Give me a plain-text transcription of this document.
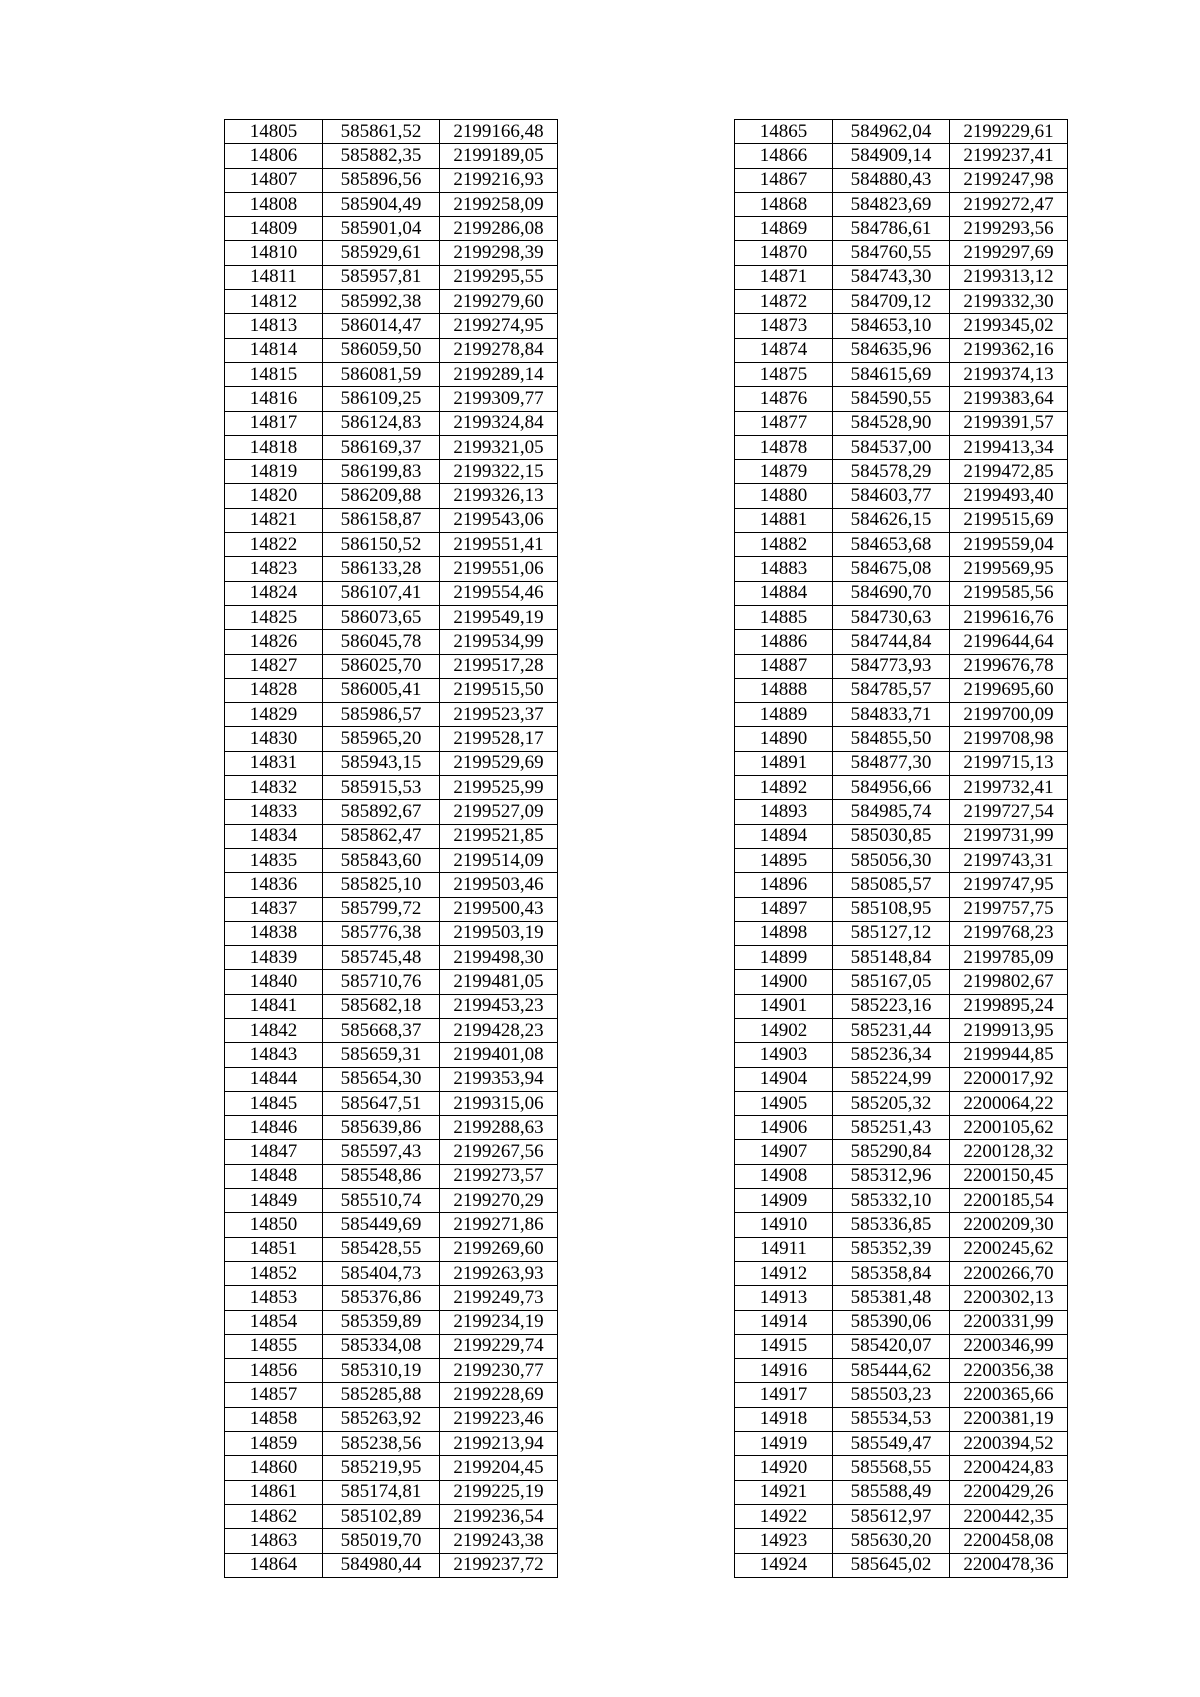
14805	585861,52	2199166,48
14806	585882,35	2199189,05
14807	585896,56	2199216,93
14808	585904,49	2199258,09
14809	585901,04	2199286,08
14810	585929,61	2199298,39
14811	585957,81	2199295,55
14812	585992,38	2199279,60
14813	586014,47	2199274,95
14814	586059,50	2199278,84
14815	586081,59	2199289,14
14816	586109,25	2199309,77
14817	586124,83	2199324,84
14818	586169,37	2199321,05
14819	586199,83	2199322,15
14820	586209,88	2199326,13
14821	586158,87	2199543,06
14822	586150,52	2199551,41
14823	586133,28	2199551,06
14824	586107,41	2199554,46
14825	586073,65	2199549,19
14826	586045,78	2199534,99
14827	586025,70	2199517,28
14828	586005,41	2199515,50
14829	585986,57	2199523,37
14830	585965,20	2199528,17
14831	585943,15	2199529,69
14832	585915,53	2199525,99
14833	585892,67	2199527,09
14834	585862,47	2199521,85
14835	585843,60	2199514,09
14836	585825,10	2199503,46
14837	585799,72	2199500,43
14838	585776,38	2199503,19
14839	585745,48	2199498,30
14840	585710,76	2199481,05
14841	585682,18	2199453,23
14842	585668,37	2199428,23
14843	585659,31	2199401,08
14844	585654,30	2199353,94
14845	585647,51	2199315,06
14846	585639,86	2199288,63
14847	585597,43	2199267,56
14848	585548,86	2199273,57
14849	585510,74	2199270,29
14850	585449,69	2199271,86
14851	585428,55	2199269,60
14852	585404,73	2199263,93
14853	585376,86	2199249,73
14854	585359,89	2199234,19
14855	585334,08	2199229,74
14856	585310,19	2199230,77
14857	585285,88	2199228,69
14858	585263,92	2199223,46
14859	585238,56	2199213,94
14860	585219,95	2199204,45
14861	585174,81	2199225,19
14862	585102,89	2199236,54
14863	585019,70	2199243,38
14864	584980,44	2199237,72
14865	584962,04	2199229,61
14866	584909,14	2199237,41
14867	584880,43	2199247,98
14868	584823,69	2199272,47
14869	584786,61	2199293,56
14870	584760,55	2199297,69
14871	584743,30	2199313,12
14872	584709,12	2199332,30
14873	584653,10	2199345,02
14874	584635,96	2199362,16
14875	584615,69	2199374,13
14876	584590,55	2199383,64
14877	584528,90	2199391,57
14878	584537,00	2199413,34
14879	584578,29	2199472,85
14880	584603,77	2199493,40
14881	584626,15	2199515,69
14882	584653,68	2199559,04
14883	584675,08	2199569,95
14884	584690,70	2199585,56
14885	584730,63	2199616,76
14886	584744,84	2199644,64
14887	584773,93	2199676,78
14888	584785,57	2199695,60
14889	584833,71	2199700,09
14890	584855,50	2199708,98
14891	584877,30	2199715,13
14892	584956,66	2199732,41
14893	584985,74	2199727,54
14894	585030,85	2199731,99
14895	585056,30	2199743,31
14896	585085,57	2199747,95
14897	585108,95	2199757,75
14898	585127,12	2199768,23
14899	585148,84	2199785,09
14900	585167,05	2199802,67
14901	585223,16	2199895,24
14902	585231,44	2199913,95
14903	585236,34	2199944,85
14904	585224,99	2200017,92
14905	585205,32	2200064,22
14906	585251,43	2200105,62
14907	585290,84	2200128,32
14908	585312,96	2200150,45
14909	585332,10	2200185,54
14910	585336,85	2200209,30
14911	585352,39	2200245,62
14912	585358,84	2200266,70
14913	585381,48	2200302,13
14914	585390,06	2200331,99
14915	585420,07	2200346,99
14916	585444,62	2200356,38
14917	585503,23	2200365,66
14918	585534,53	2200381,19
14919	585549,47	2200394,52
14920	585568,55	2200424,83
14921	585588,49	2200429,26
14922	585612,97	2200442,35
14923	585630,20	2200458,08
14924	585645,02	2200478,36
